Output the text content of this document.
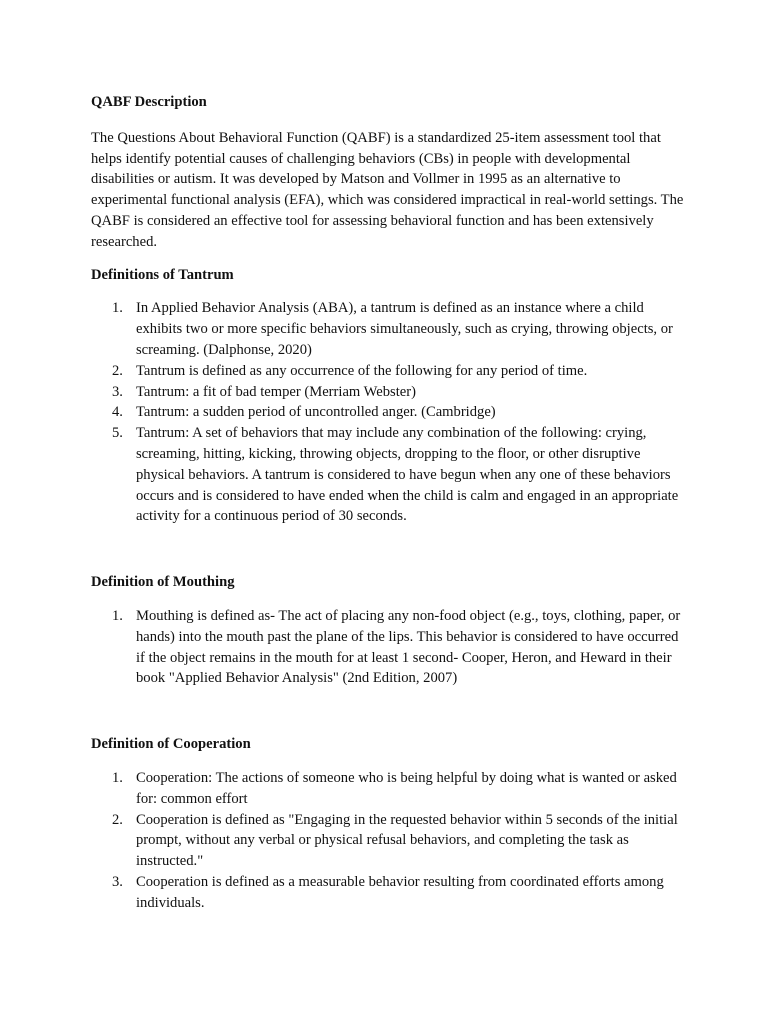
QABF Description

The Questions About Behavioral Function (QABF) is a standardized 25-item assessment tool that helps identify potential causes of challenging behaviors (CBs) in people with developmental disabilities or autism. It was developed by Matson and Vollmer in 1995 as an alternative to experimental functional analysis (EFA), which was considered impractical in real-world settings. The QABF is considered an effective tool for assessing behavioral function and has been extensively researched.

Definitions of Tantrum

1. In Applied Behavior Analysis (ABA), a tantrum is defined as an instance where a child exhibits two or more specific behaviors simultaneously, such as crying, throwing objects, or screaming. (Dalphonse, 2020)
2. Tantrum is defined as any occurrence of the following for any period of time.
3. Tantrum: a fit of bad temper (Merriam Webster)
4. Tantrum: a sudden period of uncontrolled anger. (Cambridge)
5. Tantrum: A set of behaviors that may include any combination of the following: crying, screaming, hitting, kicking, throwing objects, dropping to the floor, or other disruptive physical behaviors. A tantrum is considered to have begun when any one of these behaviors occurs and is considered to have ended when the child is calm and engaged in an appropriate activity for a continuous period of 30 seconds.

Definition of Mouthing

1. Mouthing is defined as- The act of placing any non-food object (e.g., toys, clothing, paper, or hands) into the mouth past the plane of the lips. This behavior is considered to have occurred if the object remains in the mouth for at least 1 second- Cooper, Heron, and Heward in their book "Applied Behavior Analysis" (2nd Edition, 2007)

Definition of Cooperation

1. Cooperation: The actions of someone who is being helpful by doing what is wanted or asked for: common effort
2. Cooperation is defined as "Engaging in the requested behavior within 5 seconds of the initial prompt, without any verbal or physical refusal behaviors, and completing the task as instructed."
3. Cooperation is defined as a measurable behavior resulting from coordinated efforts among individuals.
